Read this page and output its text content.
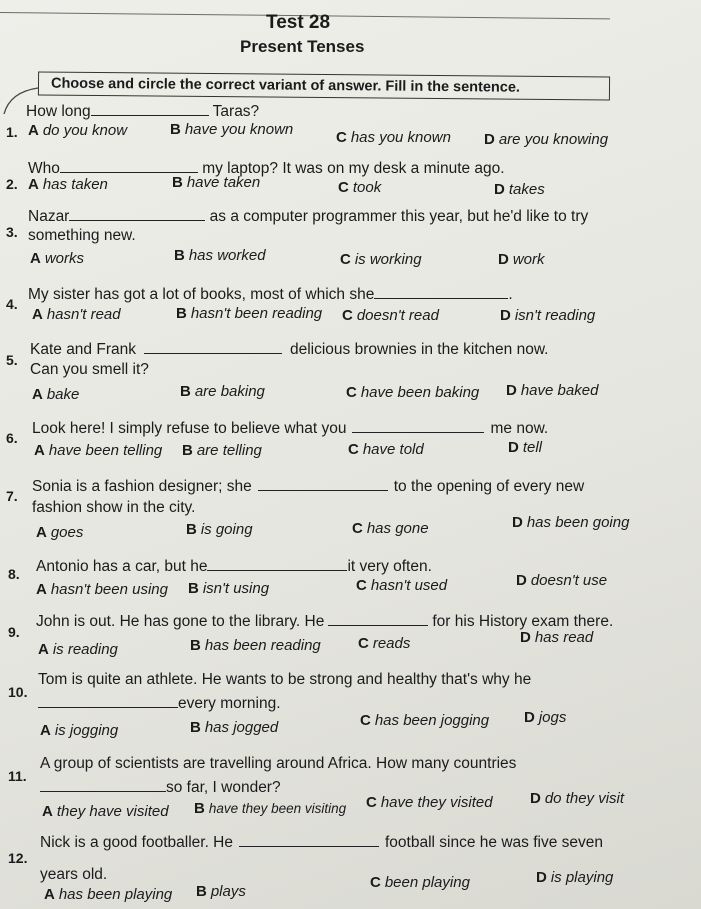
Test 28
Present Tenses
Choose and circle the correct variant of answer. Fill in the sentence.
1.
How long	Taras?
A do you know	B have you known	C has you known D are you knowing
2.
Who	my laptop? It was on my desk a minute ago.
A has taken	B have taken	C took	D takes
3.
Nazar	as a computer programmer this year, but he'd like to try
something new.
A works	B has worked	C is working	D work
4.
My sister has got a lot of books, most of which she	.
A hasn't read	B hasn't been reading C doesn't read	D isn't reading
5.
Kate and Frank	delicious brownies in the kitchen now.
Can you smell it?
A bake	B are baking	C have been baking D have baked
6.
Look here! I simply refuse to believe what you	me now.
A have been telling B are telling	C have told	D tell
7.
Sonia is a fashion designer; she	to the opening of every new
fashion show in the city.
A goes	B is going	C has gone	D has been going
8. Antonio has a car, but he	it very often.
A hasn't been using B isn't using	C hasn't used	D doesn't use
9.
John is out. He has gone to the library. He	for his History exam there.
A is reading	B has been reading C reads	D has read
10.
Tom is quite an athlete. He wants to be strong and healthy that's why he
every morning.
A is jogging	B has jogged	C has been jogging D jogs
11.
A group of scientists are travelling around Africa. How many countries
so far, I wonder?
A they have visited B have they been visiting C have they visited D do they visit
12.
Nick is a good footballer. He	football since he was five seven
years old.
A has been playing B plays
C been playing	D is playing
